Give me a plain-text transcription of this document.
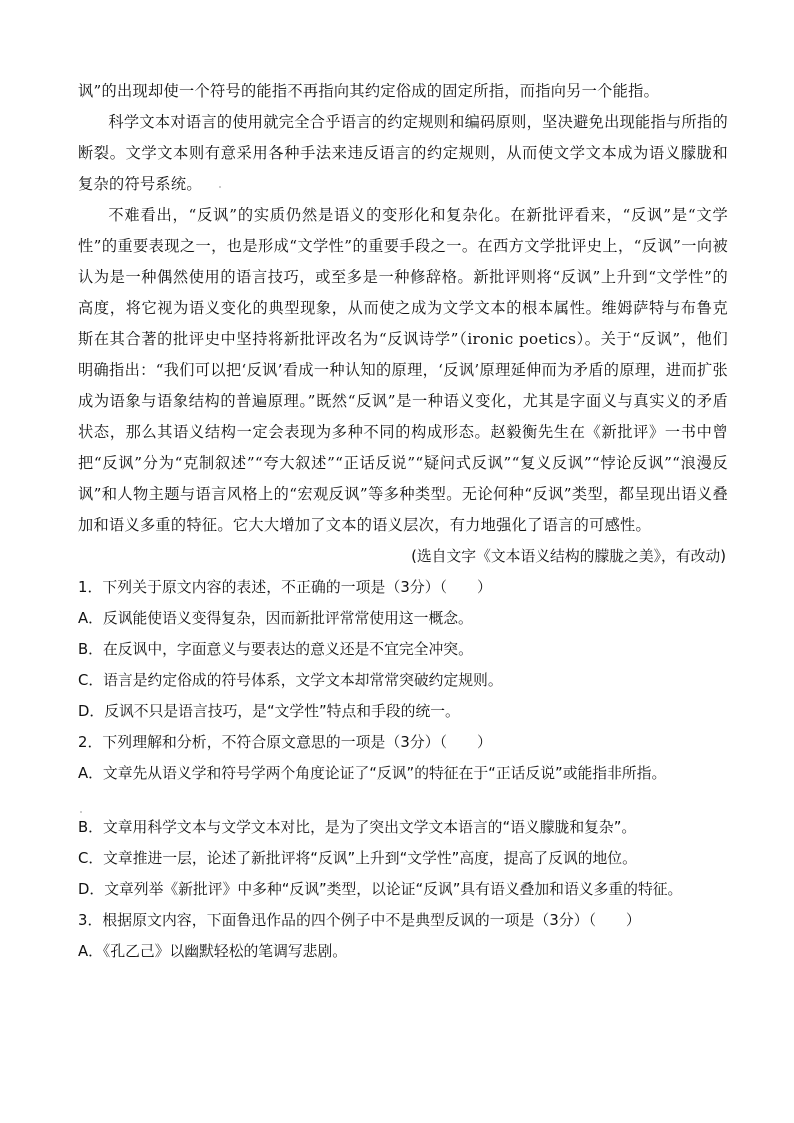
讽”的出现却使一个符号的能指不再指向其约定俗成的固定所指，而指向另一个能指。

科学文本对语言的使用就完全合乎语言的约定规则和编码原则，坚决避免出现能指与所指的断裂。文学文本则有意采用各种手法来违反语言的约定规则，从而使文学文本成为语义朦胧和复杂的符号系统。

不难看出，“反讽”的实质仍然是语义的变形化和复杂化。在新批评看来，“反讽”是“文学性”的重要表现之一，也是形成“文学性”的重要手段之一。在西方文学批评史上，“反讽”一向被认为是一种偶然使用的语言技巧，或至多是一种修辞格。新批评则将“反讽”上升到“文学性”的高度，将它视为语义变化的典型现象，从而使之成为文学文本的根本属性。维姆萨特与布鲁克斯在其合著的批评史中坚持将新批评改名为“反讽诗学”（ironic poetics）。关于“反讽”，他们明确指出：“我们可以把‘反讽’看成一种认知的原理，‘反讽’原理延伸而为矛盾的原理，进而扩张成为语象与语象结构的普遍原理。”既然“反讽”是一种语义变化，尤其是字面义与真实义的矛盾状态，那么其语义结构一定会表现为多种不同的构成形态。赵毅衡先生在《新批评》一书中曾把“反讽”分为“克制叙述”“夸大叙述”“正话反说”“疑问式反讽”“复义反讽”“悖论反讽”“浪漫反讽”和人物主题与语言风格上的“宏观反讽”等多种类型。无论何种“反讽”类型，都呈现出语义叠加和语义多重的特征。它大大增加了文本的语义层次，有力地强化了语言的可感性。

(选自文字《文本语义结构的朦胧之美》，有改动)

1．下列关于原文内容的表述，不正确的一项是（3分）（　　）

A．反讽能使语义变得复杂，因而新批评常常使用这一概念。

B．在反讽中，字面意义与要表达的意义还是不宜完全冲突。

C．语言是约定俗成的符号体系，文学文本却常常突破约定规则。

D．反讽不只是语言技巧，是“文学性”特点和手段的统一。

2．下列理解和分析，不符合原文意思的一项是（3分）（　　）

A．文章先从语义学和符号学两个角度论证了“反讽”的特征在于“正话反说”或能指非所指。

B．文章用科学文本与文学文本对比，是为了突出文学文本语言的“语义朦胧和复杂”。

C．文章推进一层，论述了新批评将“反讽”上升到“文学性”高度，提高了反讽的地位。

D．文章列举《新批评》中多种“反讽”类型，以论证“反讽”具有语义叠加和语义多重的特征。

3．根据原文内容，下面鲁迅作品的四个例子中不是典型反讽的一项是（3分）（　　）

A．《孔乙己》以幽默轻松的笔调写悲剧。
